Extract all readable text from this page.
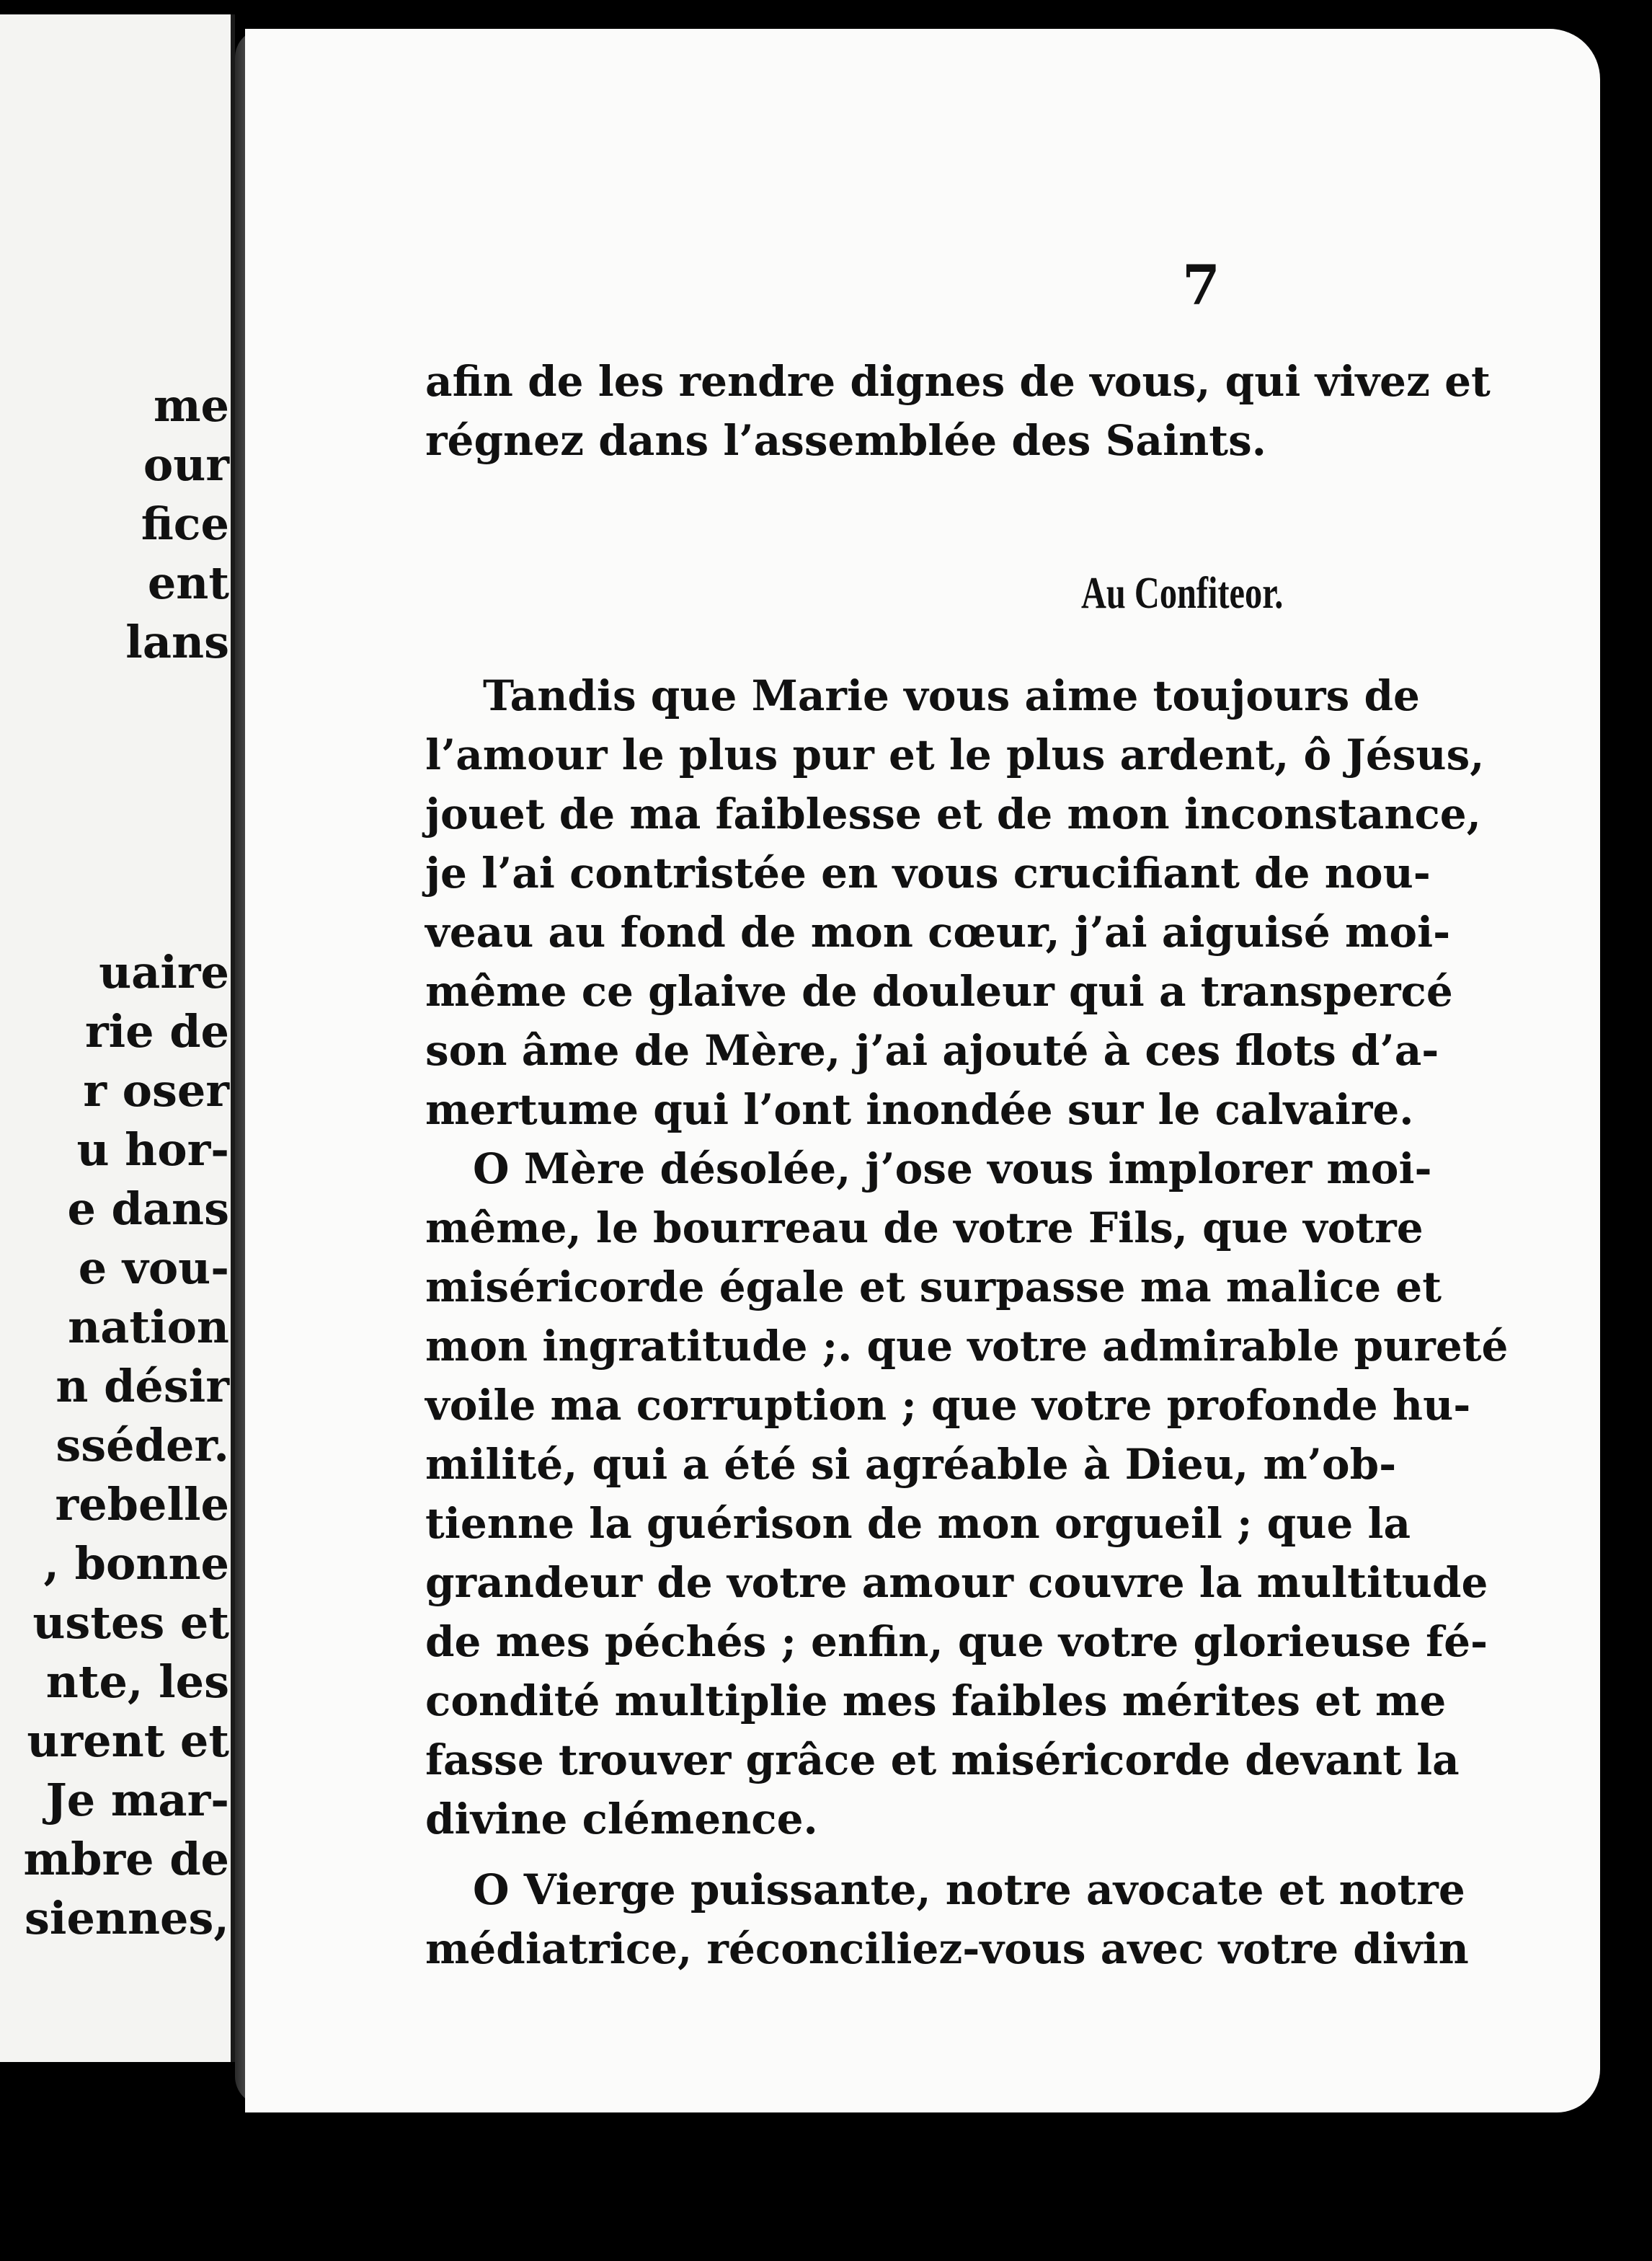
me
our
fice
ent
lans
uaire
rie de
r oser
u hor-
e dans
e vou-
nation
n désir
sséder.
rebelle
, bonne
ustes et
nte, les
urent et
Je mar-
mbre de
siennes,
7
afin de les rendre dignes de vous, qui vivez et
régnez dans l’assemblée des Saints.
Au Confiteor.
Tandis que Marie vous aime toujours de
l’amour le plus pur et le plus ardent, ô Jésus,
jouet de ma faiblesse et de mon inconstance,
je l’ai contristée en vous crucifiant de nou-
veau au fond de mon cœur, j’ai aiguisé moi-
même ce glaive de douleur qui a transpercé
son âme de Mère, j’ai ajouté à ces flots d’a-
mertume qui l’ont inondée sur le calvaire.
O Mère désolée, j’ose vous implorer moi-
même, le bourreau de votre Fils, que votre
miséricorde égale et surpasse ma malice et
mon ingratitude ;. que votre admirable pureté
voile ma corruption ; que votre profonde hu-
milité, qui a été si agréable à Dieu, m’ob-
tienne la guérison de mon orgueil ; que la
grandeur de votre amour couvre la multitude
de mes péchés ; enfin, que votre glorieuse fé-
condité multiplie mes faibles mérites et me
fasse trouver grâce et miséricorde devant la
divine clémence.
O Vierge puissante, notre avocate et notre
médiatrice, réconciliez-vous avec votre divin
